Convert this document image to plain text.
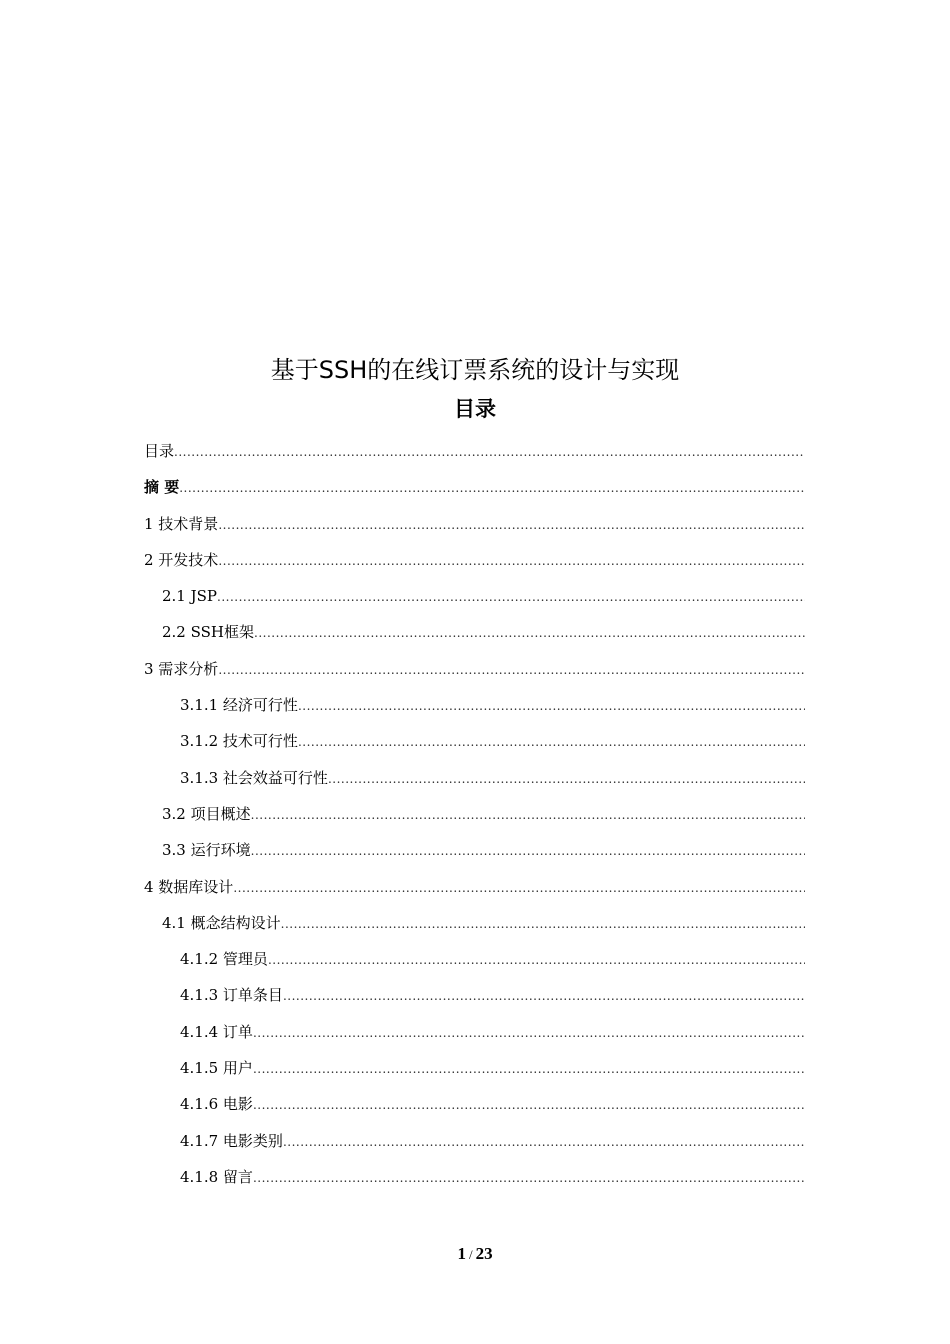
基于SSH的在线订票系统的设计与实现
目录
目录
.....
摘 要
.....
1 技术背景
.....
2 开发技术
.....
2.1 JSP
.....
2.2 SSH框架
.....
3 需求分析
.....
3.1.1 经济可行性
.....
3.1.2 技术可行性
.....
3.1.3 社会效益可行性
.....
3.2 项目概述
.....
3.3 运行环境
.....
4 数据库设计
.....
4.1 概念结构设计
.....
4.1.2 管理员
.....
4.1.3 订单条目
.....
4.1.4 订单
.....
4.1.5 用户
.....
4.1.6 电影
.....
4.1.7 电影类别
.....
4.1.8 留言
.....
1 / 23
